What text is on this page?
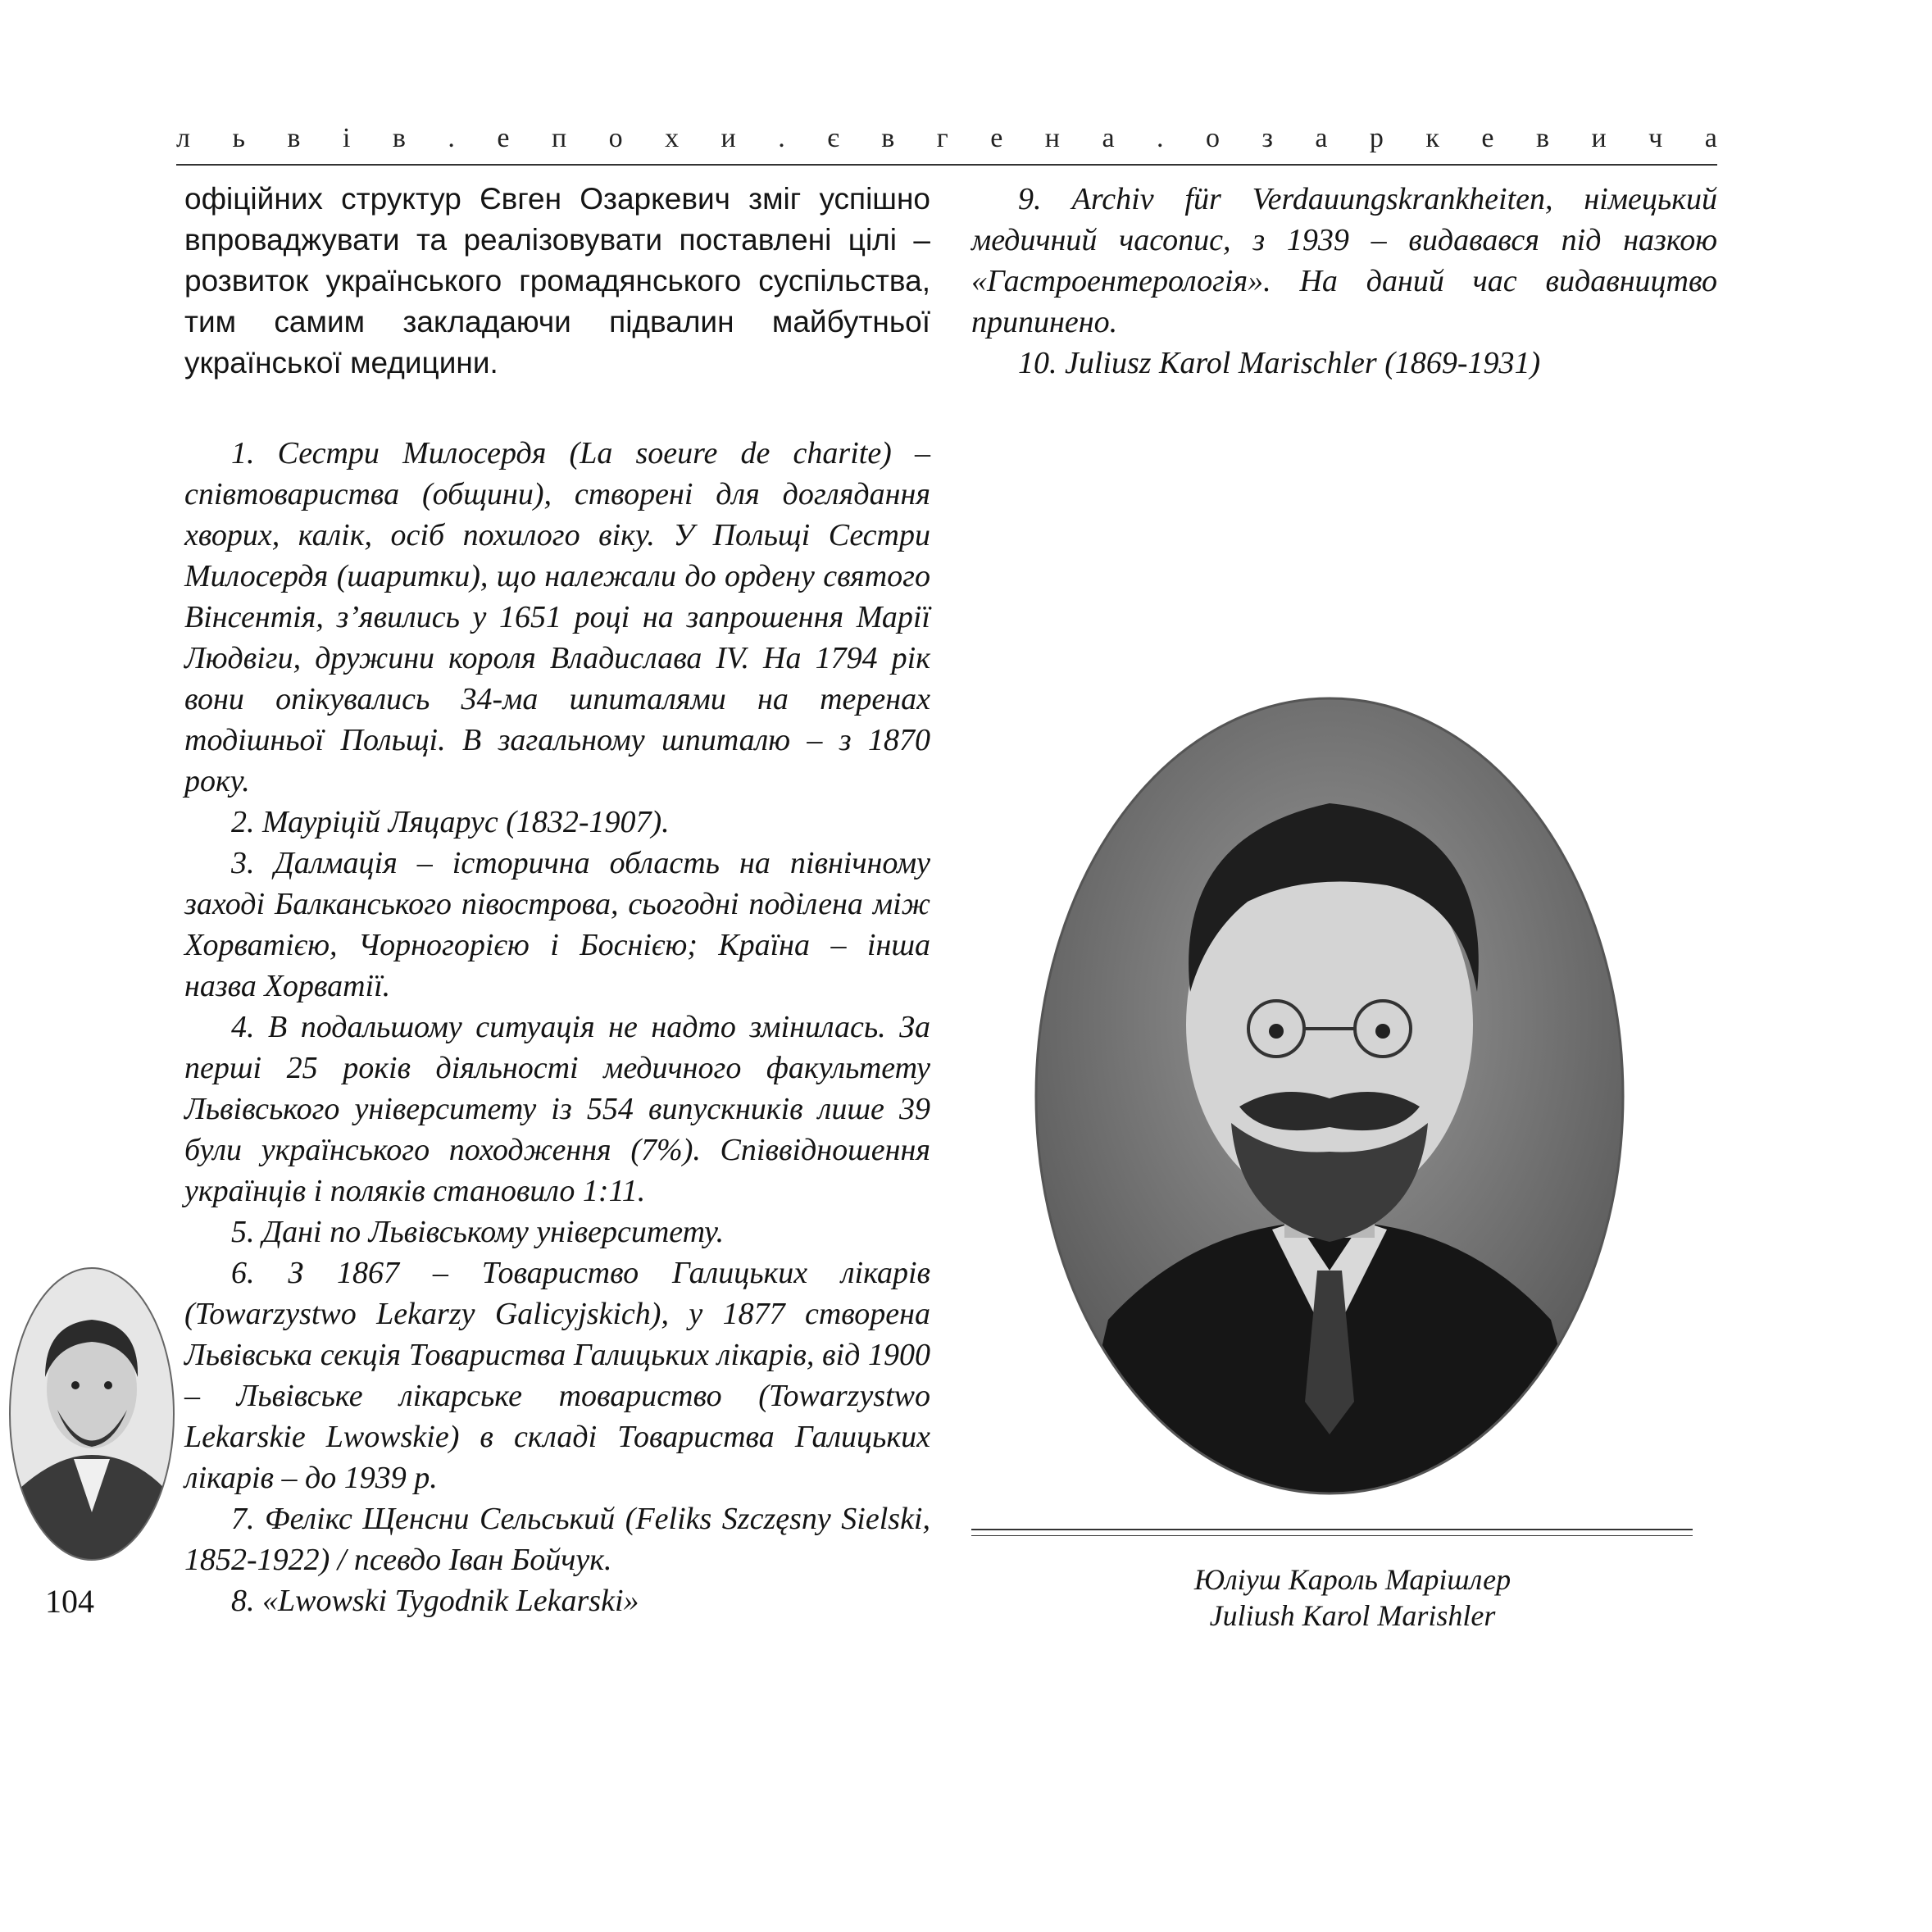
л ь в і в . е п о х и . є в г е н а . о з а р к е в и ч а

офіційних структур Євген Озаркевич зміг успішно впроваджувати та реалізовувати поставлені цілі – розвиток українського громадянського суспільства, тим самим закладаючи підвалин майбутньої української медицини.

1. Сестри Милосердя (La soeure de charite) – співтовариства (общини), створені для доглядання хворих, калік, осіб похилого віку. У Польщі Сестри Милосердя (шаритки), що належали до ордену святого Вінсентія, з’явились у 1651 році на запрошення Марії Людвіги, дружини короля Владислава IV. На 1794 рік вони опікувались 34-ма шпиталями на теренах тодішньої Польщі. В загальному шпиталю – з 1870 року.

2. Мауріцій Ляцарус (1832-1907).

3. Далмація – історична область на північному заході Балканського півострова, сьогодні поділена між Хорватією, Чорногорією і Боснією; Країна – інша назва Хорватії.

4. В подальшому ситуація не надто змінилась. За перші 25 років діяльності медичного факультету Львівського університету із 554 випускників лише 39 були українського походження (7%). Співвідношення українців і поляків становило 1:11.

5. Дані по Львівському університету.

6. З 1867 – Товариство Галицьких лікарів (Towarzystwo Lekarzy Galicyjskich), у 1877 створена Львівська секція Товариства Галицьких лікарів, від 1900 – Львівське лікарське товариство (Towarzystwo Lekarskie Lwowskie) в складі Товариства Галицьких лікарів – до 1939 р.

7. Фелікс Щенсни Сельський (Feliks Szczęsny Sielski, 1852-1922) / псевдо Іван Бойчук.

8. «Lwowski Tygodnik Lekarski»

9. Archiv für Verdauungskrankheiten, німецький медичний часопис, з 1939 – видавався під назкою «Гастроентерологія». На даний час видавництво припинено.

10. Juliusz Karol Marischler (1869-1931)

Юліуш Кароль Марішлер
Juliush Karol Marishler
104
